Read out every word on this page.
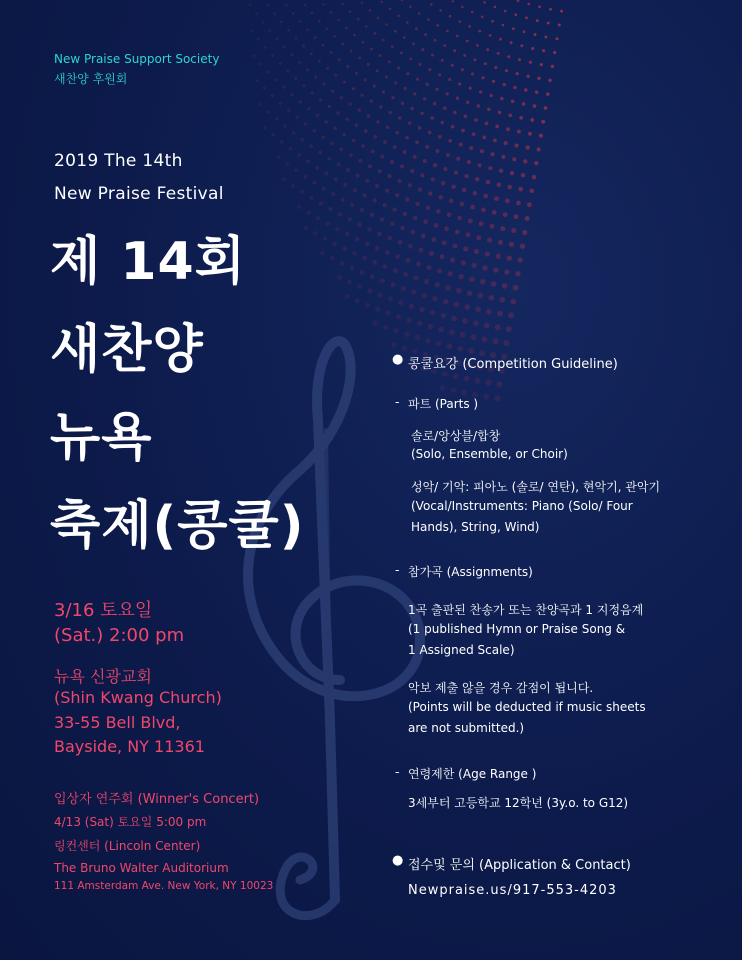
New Praise Support Society
새찬양 후원회
2019 The 14th
New Praise Festival
제 14회
새찬양
뉴욕
축제(콩쿨)
3/16 토요일
(Sat.) 2:00 pm
뉴욕 신광교회
(Shin Kwang Church)
33-55 Bell Blvd,
Bayside, NY 11361
입상자 연주회 (Winner's Concert)
4/13 (Sat) 토요일 5:00 pm
링컨센터 (Lincoln Center)
The Bruno Walter Auditorium
111 Amsterdam Ave. New York, NY 10023
● 콩쿨요강 (Competition Guideline)
- 파트 (Parts )
솔로/앙상블/합창
(Solo, Ensemble, or Choir)
성악/ 기악: 피아노 (솔로/ 연탄), 현악기, 관악기
(Vocal/Instruments: Piano (Solo/ Four
Hands), String, Wind)
- 참가곡 (Assignments)
1곡 출판된 찬송가 또는 찬양곡과 1 지정음계
(1 published Hymn or Praise Song &
1 Assigned Scale)
악보 제출 않을 경우 감점이 됩니다.
(Points will be deducted if music sheets
are not submitted.)
- 연령제한 (Age Range )
3세부터 고등학교 12학년 (3y.o. to G12)
● 접수및 문의 (Application & Contact)
Newpraise.us/917-553-4203
